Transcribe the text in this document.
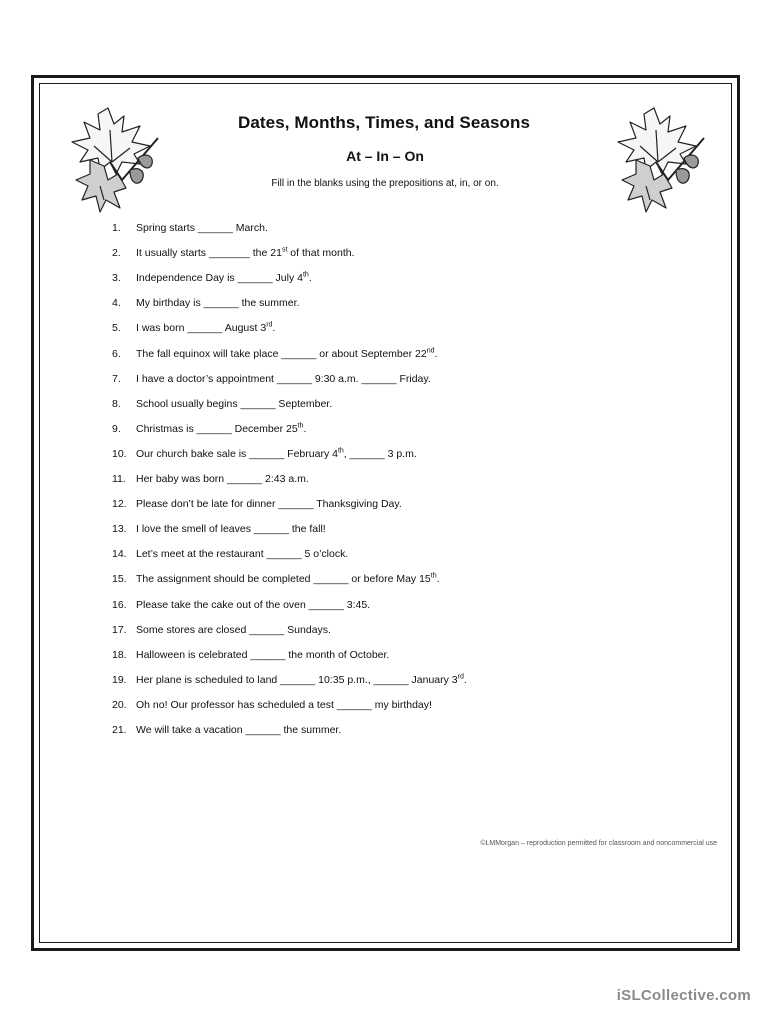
Dates, Months, Times, and Seasons
At – In – On
Fill in the blanks using the prepositions at, in, or on.
1. Spring starts ______ March.
2. It usually starts _______ the 21st of that month.
3. Independence Day is ______ July 4th.
4. My birthday is ______ the summer.
5. I was born ______ August 3rd.
6. The fall equinox will take place ______ or about September 22nd.
7. I have a doctor’s appointment ______ 9:30 a.m. ______ Friday.
8. School usually begins ______ September.
9. Christmas is ______ December 25th.
10. Our church bake sale is ______ February 4th, ______ 3 p.m.
11. Her baby was born ______ 2:43 a.m.
12. Please don’t be late for dinner ______ Thanksgiving Day.
13. I love the smell of leaves ______ the fall!
14. Let’s meet at the restaurant ______ 5 o’clock.
15. The assignment should be completed ______ or before May 15th.
16. Please take the cake out of the oven ______ 3:45.
17. Some stores are closed ______ Sundays.
18. Halloween is celebrated ______ the month of October.
19. Her plane is scheduled to land ______ 10:35 p.m., ______ January 3rd.
20. Oh no! Our professor has scheduled a test ______ my birthday!
21. We will take a vacation ______ the summer.
©LMMorgan – reproduction permitted for classroom and noncommercial use
iSLCollective.com
